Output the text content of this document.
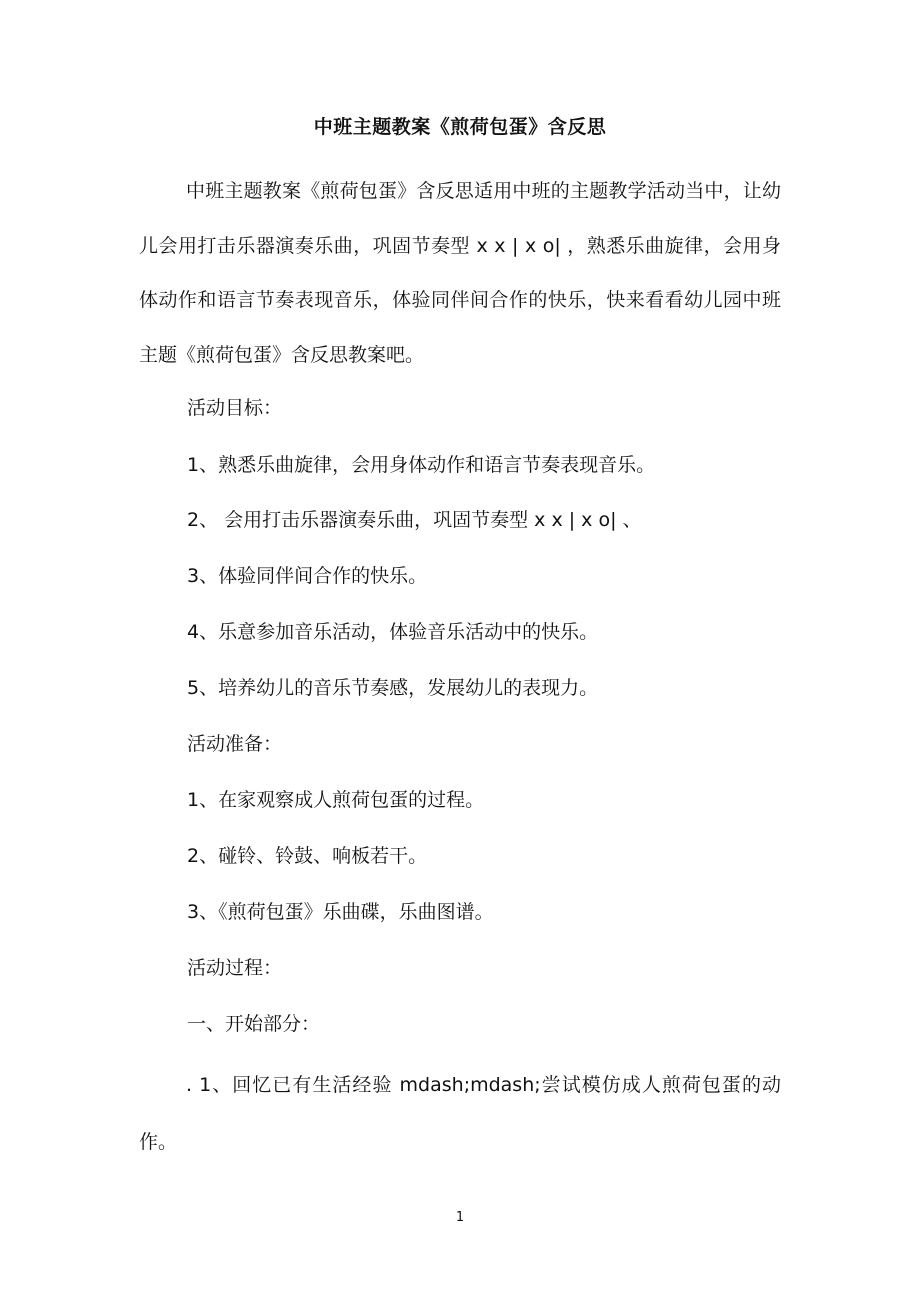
中班主题教案《煎荷包蛋》含反思

中班主题教案《煎荷包蛋》含反思适用中班的主题教学活动当中，让幼儿会用打击乐器演奏乐曲，巩固节奏型 x x | x o| ，熟悉乐曲旋律，会用身体动作和语言节奏表现音乐，体验同伴间合作的快乐，快来看看幼儿园中班主题《煎荷包蛋》含反思教案吧。

活动目标：
1、熟悉乐曲旋律，会用身体动作和语言节奏表现音乐。
2、 会用打击乐器演奏乐曲，巩固节奏型 x x | x o| 、
3、体验同伴间合作的快乐。
4、乐意参加音乐活动，体验音乐活动中的快乐。
5、培养幼儿的音乐节奏感，发展幼儿的表现力。
活动准备：
1、在家观察成人煎荷包蛋的过程。
2、碰铃、铃鼓、响板若干。
3、《煎荷包蛋》乐曲碟，乐曲图谱。
活动过程：
一、开始部分：

. 1、回忆已有生活经验 mdash;mdash;尝试模仿成人煎荷包蛋的动作。

1
